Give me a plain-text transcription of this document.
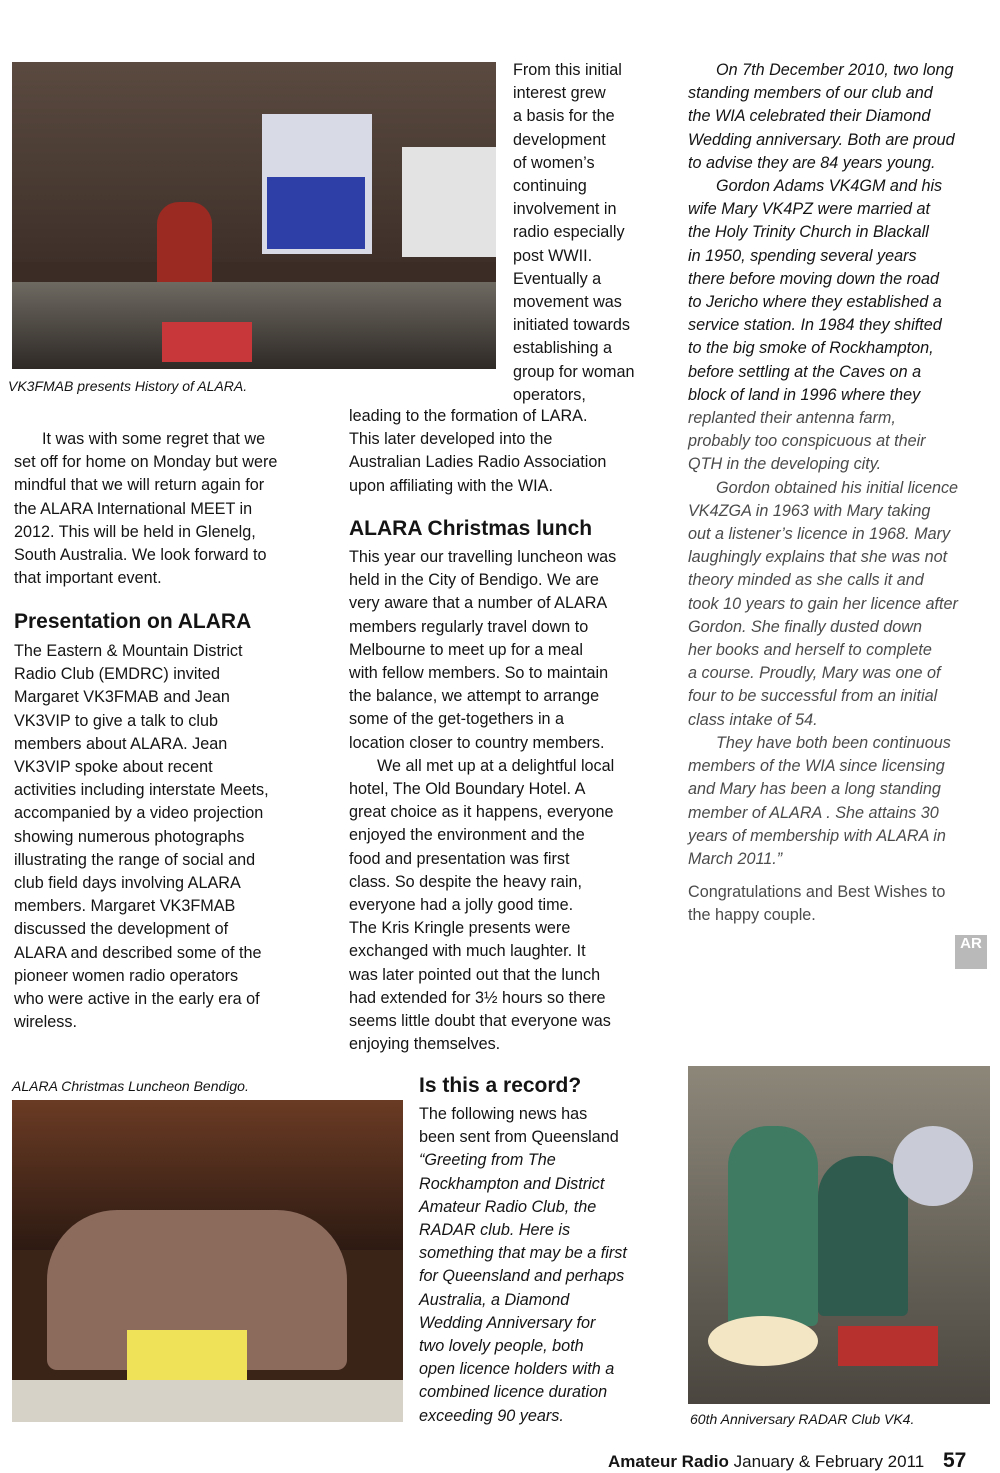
VK3FMAB presents History of ALARA.

From this initial

interest grew

a basis for the

development

of women’s

continuing

involvement in

radio especially

post WWII.

Eventually a

movement was

initiated towards

establishing a

group for woman

operators,

leading to the formation of LARA.

This later developed into the

Australian Ladies Radio Association

upon affiliating with the WIA.

It was with some regret that we

set off for home on Monday but were

mindful that we will return again for

the ALARA International MEET in

2012. This will be held in Glenelg,

South Australia. We look forward to

that important event.

Presentation on ALARA

The Eastern & Mountain District

Radio Club (EMDRC) invited

Margaret VK3FMAB and Jean

VK3VIP to give a talk to club

members about ALARA. Jean

VK3VIP spoke about recent

activities including interstate Meets,

accompanied by a video projection

showing numerous photographs

illustrating the range of social and

club field days involving ALARA

members. Margaret VK3FMAB

discussed the development of

ALARA and described some of the

pioneer women radio operators

who were active in the early era of

wireless.

ALARA Christmas lunch

This year our travelling luncheon was

held in the City of Bendigo. We are

very aware that a number of ALARA

members regularly travel down to

Melbourne to meet up for a meal

with fellow members. So to maintain

the balance, we attempt to arrange

some of the get-togethers in a

location closer to country members.

We all met up at a delightful local

hotel, The Old Boundary Hotel. A

great choice as it happens, everyone

enjoyed the environment and the

food and presentation was first

class. So despite the heavy rain,

everyone had a jolly good time.

The Kris Kringle presents were

exchanged with much laughter. It

was later pointed out that the lunch

had extended for 3½ hours so there

seems little doubt that everyone was

enjoying themselves.

On 7th December 2010, two long

standing members of our club and

the WIA celebrated their Diamond

Wedding anniversary. Both are proud

to advise they are 84 years young.

Gordon Adams VK4GM and his

wife Mary VK4PZ were married at

the Holy Trinity Church in Blackall

in 1950, spending several years

there before moving down the road

to Jericho where they established a

service station. In 1984 they shifted

to the big smoke of Rockhampton,

before settling at the Caves on a

block of land in 1996 where they

replanted their antenna farm,

probably too conspicuous at their

QTH in the developing city.

Gordon obtained his initial licence

VK4ZGA in 1963 with Mary taking

out a listener’s licence in 1968. Mary

laughingly explains that she was not

theory minded as she calls it and

took 10 years to gain her licence after

Gordon. She finally dusted down

her books and herself to complete

a course. Proudly, Mary was one of

four to be successful from an initial

class intake of 54.

They have both been continuous

members of the WIA since licensing

and Mary has been a long standing

member of ALARA . She attains 30

years of membership with ALARA in

March 2011.”

Congratulations and Best Wishes to

the happy couple.

AR

ALARA Christmas Luncheon Bendigo.	Is this a record?

The following news has

been sent from Queensland

“Greeting from The

Rockhampton and District

Amateur Radio Club, the

RADAR club. Here is

something that may be a first

for Queensland and perhaps

Australia, a Diamond

Wedding Anniversary for

two lovely people, both

open licence holders with a

combined licence duration

exceeding 90 years.	60th Anniversary RADAR Club VK4.

Amateur Radio January & February 2011 57
